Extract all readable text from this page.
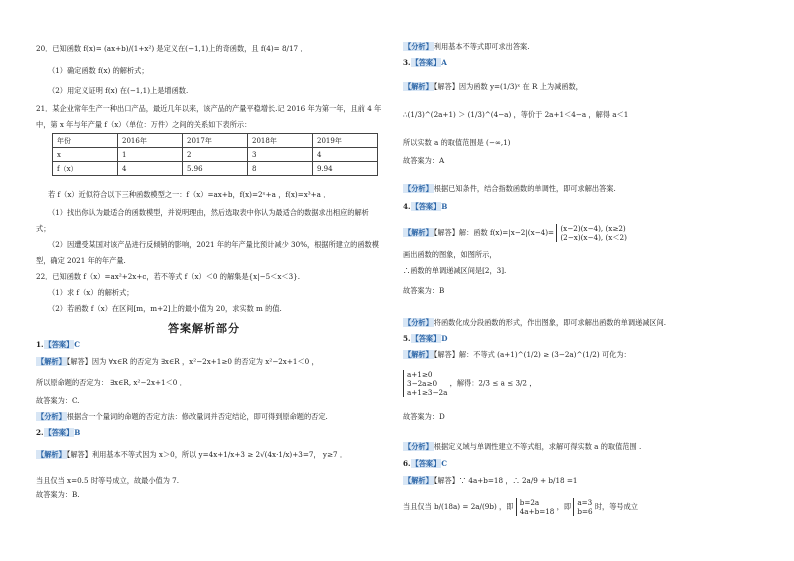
20．已知函数 f(x)= (ax+b)/(1+x²) 是定义在(−1,1)上的奇函数，且 f(4)= 8/17 ．
（1）确定函数 f(x) 的解析式；
（2）用定义证明 f(x) 在(−1,1)上是增函数.
21．某企业常年生产一种出口产品，最近几年以来，该产品的产量平稳增长.记 2016 年为第一年，且前 4 年
中，第 x 年与年产量 f（x）（单位：万件）之间的关系如下表所示：
年份	2016年	2017年	2018年	2019年
x	1	2	3	4
f（x）	4	5.96	8	9.94
若 f（x）近似符合以下三种函数模型之一：f（x）=ax+b，f(x)=2ˣ+a ，f(x)=x³+a ．
（1）找出你认为最适合的函数模型，并说明理由，然后选取表中你认为最适合的数据求出相应的解析
式；
（2）因遭受某国对该产品进行反倾销的影响，2021 年的年产量比预计减少 30%，根据所建立的函数模
型，确定 2021 年的年产量.
22．已知函数 f（x）=ax²+2x+c，若不等式 f（x）＜0 的解集是{x|−5＜x＜3}.
（1）求 f（x）的解析式；
（2）若函数 f（x）在区间[m，m+2]上的最小值为 20，求实数 m 的值.
答案解析部分
1.【答案】C
【解析】【解答】因为 ∀x∈R 的否定为 ∃x∈R ，x²−2x+1≥0 的否定为 x²−2x+1＜0 ，
所以原命题的否定为： ∃x∈R, x²−2x+1＜0 ．
故答案为：C.
【分析】根据含一个量词的命题的否定方法：修改量词并否定结论，即可得到原命题的否定.
2.【答案】B
【解析】【解答】利用基本不等式因为 x＞0，所以 y=4x+1/x+3 ≥ 2√(4x·1/x)+3=7， y≥7 ．
当且仅当 x=0.5 时等号成立，故最小值为 7.
故答案为：B.
【分析】利用基本不等式即可求出答案.
3.【答案】A
【解析】【解答】因为函数 y=(1/3)ˣ 在 R 上为减函数，
∴(1/3)^(2a+1) ＞ (1/3)^(4−a) ，等价于 2a+1＜4−a ，解得 a＜1
所以实数 a 的取值范围是 (−∞,1)
故答案为：A
【分析】根据已知条件，结合指数函数的单调性，即可求解出答案.
4.【答案】B
【解析】【解答】解：函数 f(x)=|x−2|(x−4)= (x−2)(x−4), (x≥2)
(2−x)(x−4), (x＜2)
画出函数的图象，如图所示，
∴函数的单调递减区间是[2，3].
故答案为：B
【分析】将函数化成分段函数的形式，作出图象，即可求解出函数的单调递减区间.
5.【答案】D
【解析】【解答】解：不等式 (a+1)^(1/2) ≥ (3−2a)^(1/2) 可化为：
a+1≥0
3−2a≥0
a+1≥3−2a
，解得：2/3 ≤ a ≤ 3/2 ，
故答案为：D
【分析】根据定义域与单调性建立不等式组，求解可得实数 a 的取值范围 .
6.【答案】C
【解析】【解答】∵ 4a+b=18 ，∴ 2a/9 + b/18 =1
当且仅当 b/(18a) = 2a/(9b) ，即 b=2a
4a+b=18
，即 a=3
b=6
时，等号成立
